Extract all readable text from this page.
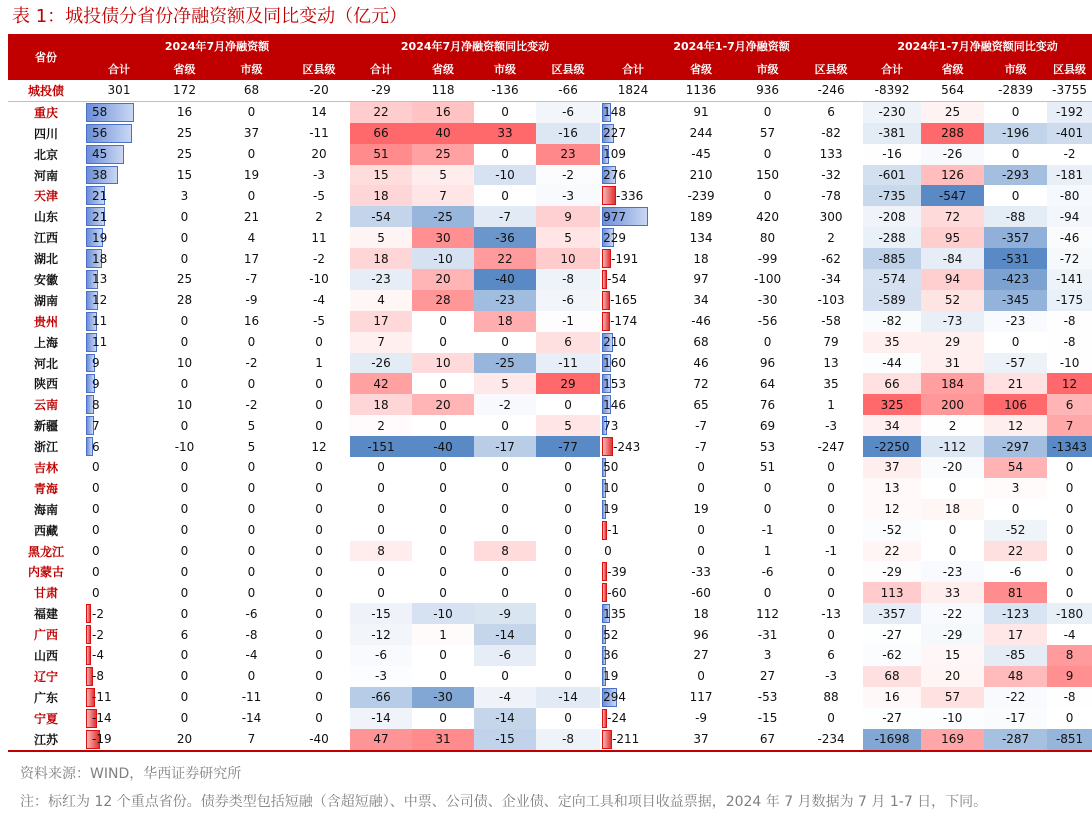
表 1：城投债分省份净融资额及同比变动（亿元）
省份	2024年7月净融资额				2024年7月净融资额同比变动				2024年1-7月净融资额				2024年1-7月净融资额同比变动			
	合计	省级	市级	区县级	合计	省级	市级	区县级	合计	省级	市级	区县级	合计	省级	市级	区县级
城投债	301	172	68	-20	-29	118	-136	-66	1824	1136	936	-246	-8392	564	-2839	-3755
重庆	58	16	0	14	22	16	0	-6	148	91	0	6	-230	25	0	-192
四川	56	25	37	-11	66	40	33	-16	227	244	57	-82	-381	288	-196	-401
北京	45	25	0	20	51	25	0	23	109	-45	0	133	-16	-26	0	-2
河南	38	15	19	-3	15	5	-10	-2	276	210	150	-32	-601	126	-293	-181
天津	21	3	0	-5	18	7	0	-3	-336	-239	0	-78	-735	-547	0	-80
山东	21	0	21	2	-54	-25	-7	9	977	189	420	300	-208	72	-88	-94
江西	19	0	4	11	5	30	-36	5	229	134	80	2	-288	95	-357	-46
湖北	18	0	17	-2	18	-10	22	10	-191	18	-99	-62	-885	-84	-531	-72
安徽	13	25	-7	-10	-23	20	-40	-8	-54	97	-100	-34	-574	94	-423	-141
湖南	12	28	-9	-4	4	28	-23	-6	-165	34	-30	-103	-589	52	-345	-175
贵州	11	0	16	-5	17	0	18	-1	-174	-46	-56	-58	-82	-73	-23	-8
上海	11	0	0	0	7	0	0	6	210	68	0	79	35	29	0	-8
河北	9	10	-2	1	-26	10	-25	-11	160	46	96	13	-44	31	-57	-10
陕西	9	0	0	0	42	0	5	29	153	72	64	35	66	184	21	12
云南	8	10	-2	0	18	20	-2	0	146	65	76	1	325	200	106	6
新疆	7	0	5	0	2	0	0	5	73	-7	69	-3	34	2	12	7
浙江	6	-10	5	12	-151	-40	-17	-77	-243	-7	53	-247	-2250	-112	-297	-1343
吉林	0	0	0	0	0	0	0	0	50	0	51	0	37	-20	54	0
青海	0	0	0	0	0	0	0	0	10	0	0	0	13	0	3	0
海南	0	0	0	0	0	0	0	0	19	19	0	0	12	18	0	0
西藏	0	0	0	0	0	0	0	0	-1	0	-1	0	-52	0	-52	0
黑龙江	0	0	0	0	8	0	8	0	0	0	1	-1	22	0	22	0
内蒙古	0	0	0	0	0	0	0	0	-39	-33	-6	0	-29	-23	-6	0
甘肃	0	0	0	0	0	0	0	0	-60	-60	0	0	113	33	81	0
福建	-2	0	-6	0	-15	-10	-9	0	135	18	112	-13	-357	-22	-123	-180
广西	-2	6	-8	0	-12	1	-14	0	52	96	-31	0	-27	-29	17	-4
山西	-4	0	-4	0	-6	0	-6	0	36	27	3	6	-62	15	-85	8
辽宁	-8	0	0	0	-3	0	0	0	19	0	27	-3	68	20	48	9
广东	-11	0	-11	0	-66	-30	-4	-14	294	117	-53	88	16	57	-22	-8
宁夏	-14	0	-14	0	-14	0	-14	0	-24	-9	-15	0	-27	-10	-17	0
江苏	-19	20	7	-40	47	31	-15	-8	-211	37	67	-234	-1698	169	-287	-851
资料来源：WIND，华西证券研究所
注：标红为 12 个重点省份。债券类型包括短融（含超短融）、中票、公司债、企业债、定向工具和项目收益票据，2024 年 7 月数据为 7 月 1-7 日，下同。
